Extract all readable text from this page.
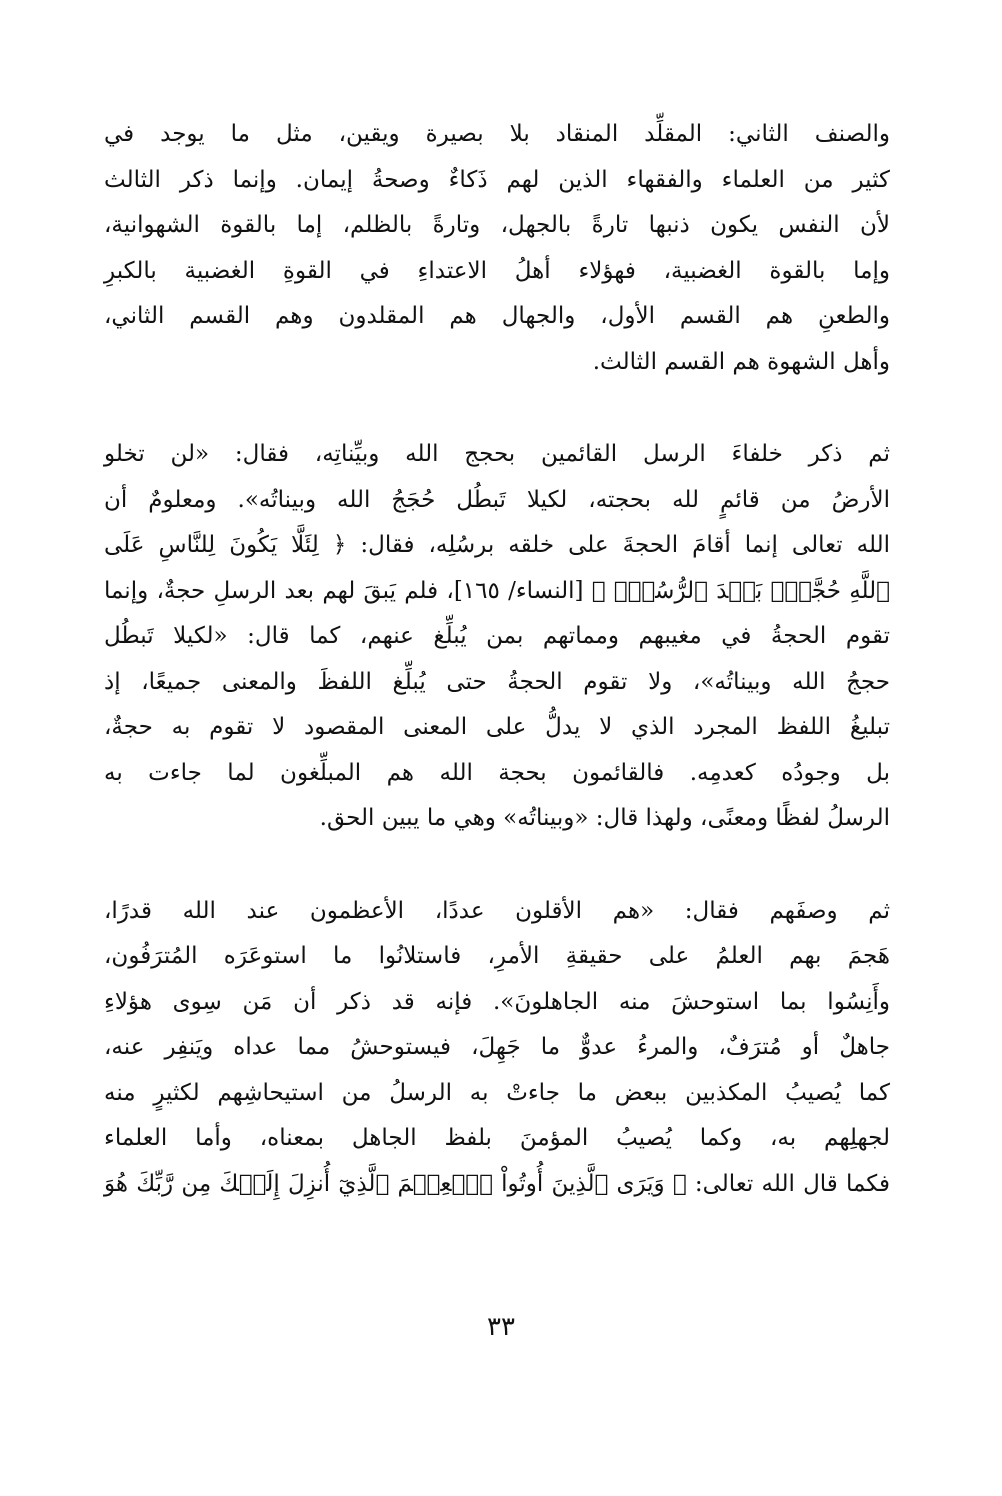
والصنف الثاني: المقلِّد المنقاد بلا بصيرة ويقين، مثل ما يوجد في
كثير من العلماء والفقهاء الذين لهم ذَكاءٌ وصحةُ إيمان. وإنما ذكر الثالث
لأن النفس يكون ذنبها تارةً بالجهل، وتارةً بالظلم، إما بالقوة الشهوانية،
وإما بالقوة الغضبية، فهؤلاء أهلُ الاعتداءِ في القوةِ الغضبية بالكبرِ
والطعنِ هم القسم الأول، والجهال هم المقلدون وهم القسم الثاني،
وأهل الشهوة هم القسم الثالث.

ثم ذكر خلفاءَ الرسل القائمين بحجج الله وبيِّناتِه، فقال: «لن تخلو
الأرضُ من قائمٍ لله بحجته، لكيلا تَبطُل حُجَجُ الله وبيناتُه». ومعلومٌ أن
الله تعالى إنما أقامَ الحجةَ على خلقه برسُلِه، فقال: ﴿ لِئَلَّا يَكُونَ لِلنَّاسِ عَلَى
ٱللَّهِ حُجَّةٌۢ بَعۡدَ ٱلرُّسُلِۚ ﴾ [النساء/ ١٦٥]، فلم يَبقَ لهم بعد الرسلِ حجةٌ، وإنما
تقوم الحجةُ في مغيبهم ومماتهم بمن يُبلِّغ عنهم، كما قال: «لكيلا تَبطُل
حججُ الله وبيناتُه»، ولا تقوم الحجةُ حتى يُبلِّغ اللفظَ والمعنى جميعًا، إذ
تبليغُ اللفظ المجرد الذي لا يدلُّ على المعنى المقصود لا تقوم به حجةٌ،
بل وجودُه كعدمِه. فالقائمون بحجة الله هم المبلِّغون لما جاءت به
الرسلُ لفظًا ومعنًى، ولهذا قال: «وبيناتُه» وهي ما يبين الحق.

ثم وصفَهم فقال: «هم الأقلون عددًا، الأعظمون عند الله قدرًا،
هَجمَ بهم العلمُ على حقيقةِ الأمرِ، فاستلانُوا ما استوعَرَه المُترَفُون،
وأَنِسُوا بما استوحشَ منه الجاهلونَ». فإنه قد ذكر أن مَن سِوى هؤلاءِ
جاهلٌ أو مُترَفٌ، والمرءُ عدوٌّ ما جَهِلَ، فيستوحشُ مما عداه ويَنفِر عنه،
كما يُصيبُ المكذبين ببعض ما جاءتْ به الرسلُ من استيحاشِهم لكثيرٍ منه
لجهلِهم به، وكما يُصيبُ المؤمنَ بلفظ الجاهل بمعناه، وأما العلماء
فكما قال الله تعالى: ﴿ وَيَرَى ٱلَّذِينَ أُوتُواْ ٱلۡعِلۡمَ ٱلَّذِيٓ أُنزِلَ إِلَيۡكَ مِن رَّبِّكَ هُوَ

٣٣
